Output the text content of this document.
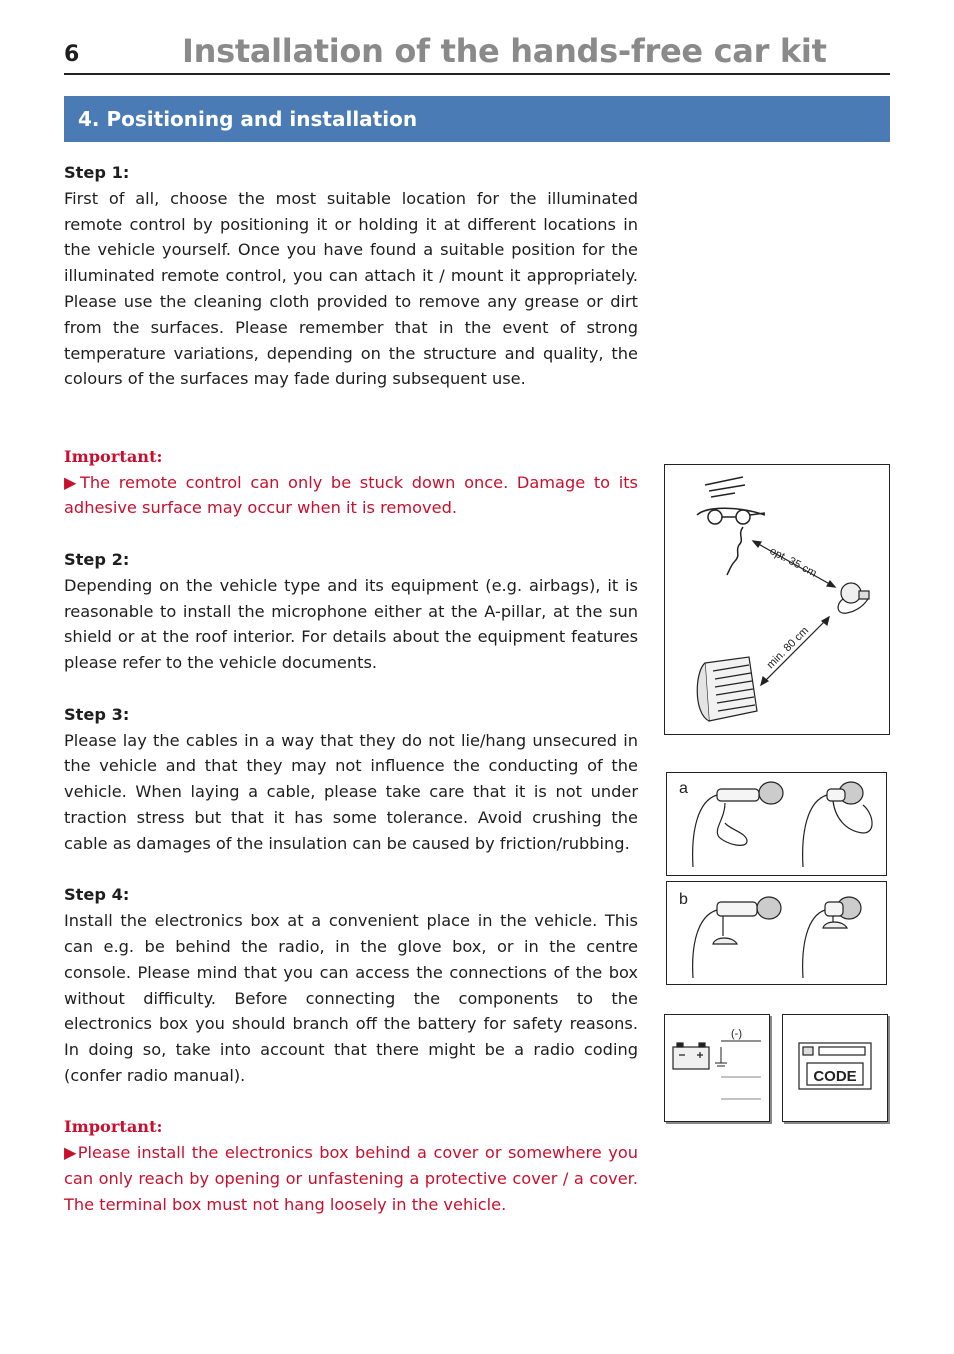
6	Installation of the hands-free car kit
4. Positioning and installation

Step 1:

First of all, choose the most suitable location for the illuminated remote control by positioning it or holding it at different locations in the vehicle yourself. Once you have found a suitable position for the illuminated remote control, you can attach it / mount it appropriately. Please use the cleaning cloth provided to remove any grease or dirt from the surfaces. Please remember that in the event of strong temperature variations, depending on the structure and quality, the colours of the surfaces may fade during subsequent use.

Important:

▶The remote control can only be stuck down once. Damage to its adhesive surface may occur when it is removed.

Step 2:

Depending on the vehicle type and its equipment (e.g. airbags), it is reasonable to install the microphone either at the A-pillar, at the sun shield or at the roof interior. For details about the equipment features please refer to the vehicle documents.

Step 3:

Please lay the cables in a way that they do not lie/hang unsecured in the vehicle and that they may not influence the conducting of the vehicle. When laying a cable, please take care that it is not under traction stress but that it has some tolerance. Avoid crushing the cable as damages of the insulation can be caused by friction/rubbing.

Step 4:

Install the electronics box at a convenient place in the vehicle. This can e.g. be behind the radio, in the glove box, or in the centre console. Please mind that you can access the connections of the box without difficulty. Before connecting the components to the electronics box you should branch off the battery for safety reasons. In doing so, take into account that there might be a radio coding (confer radio manual).

Important:

▶Please install the electronics box behind a cover or somewhere you can only reach by opening or unfastening a protective cover / a cover. The terminal box must not hang loosely in the vehicle.

opt. 35 cm
min. 80 cm
a
b
(-)
CODE
